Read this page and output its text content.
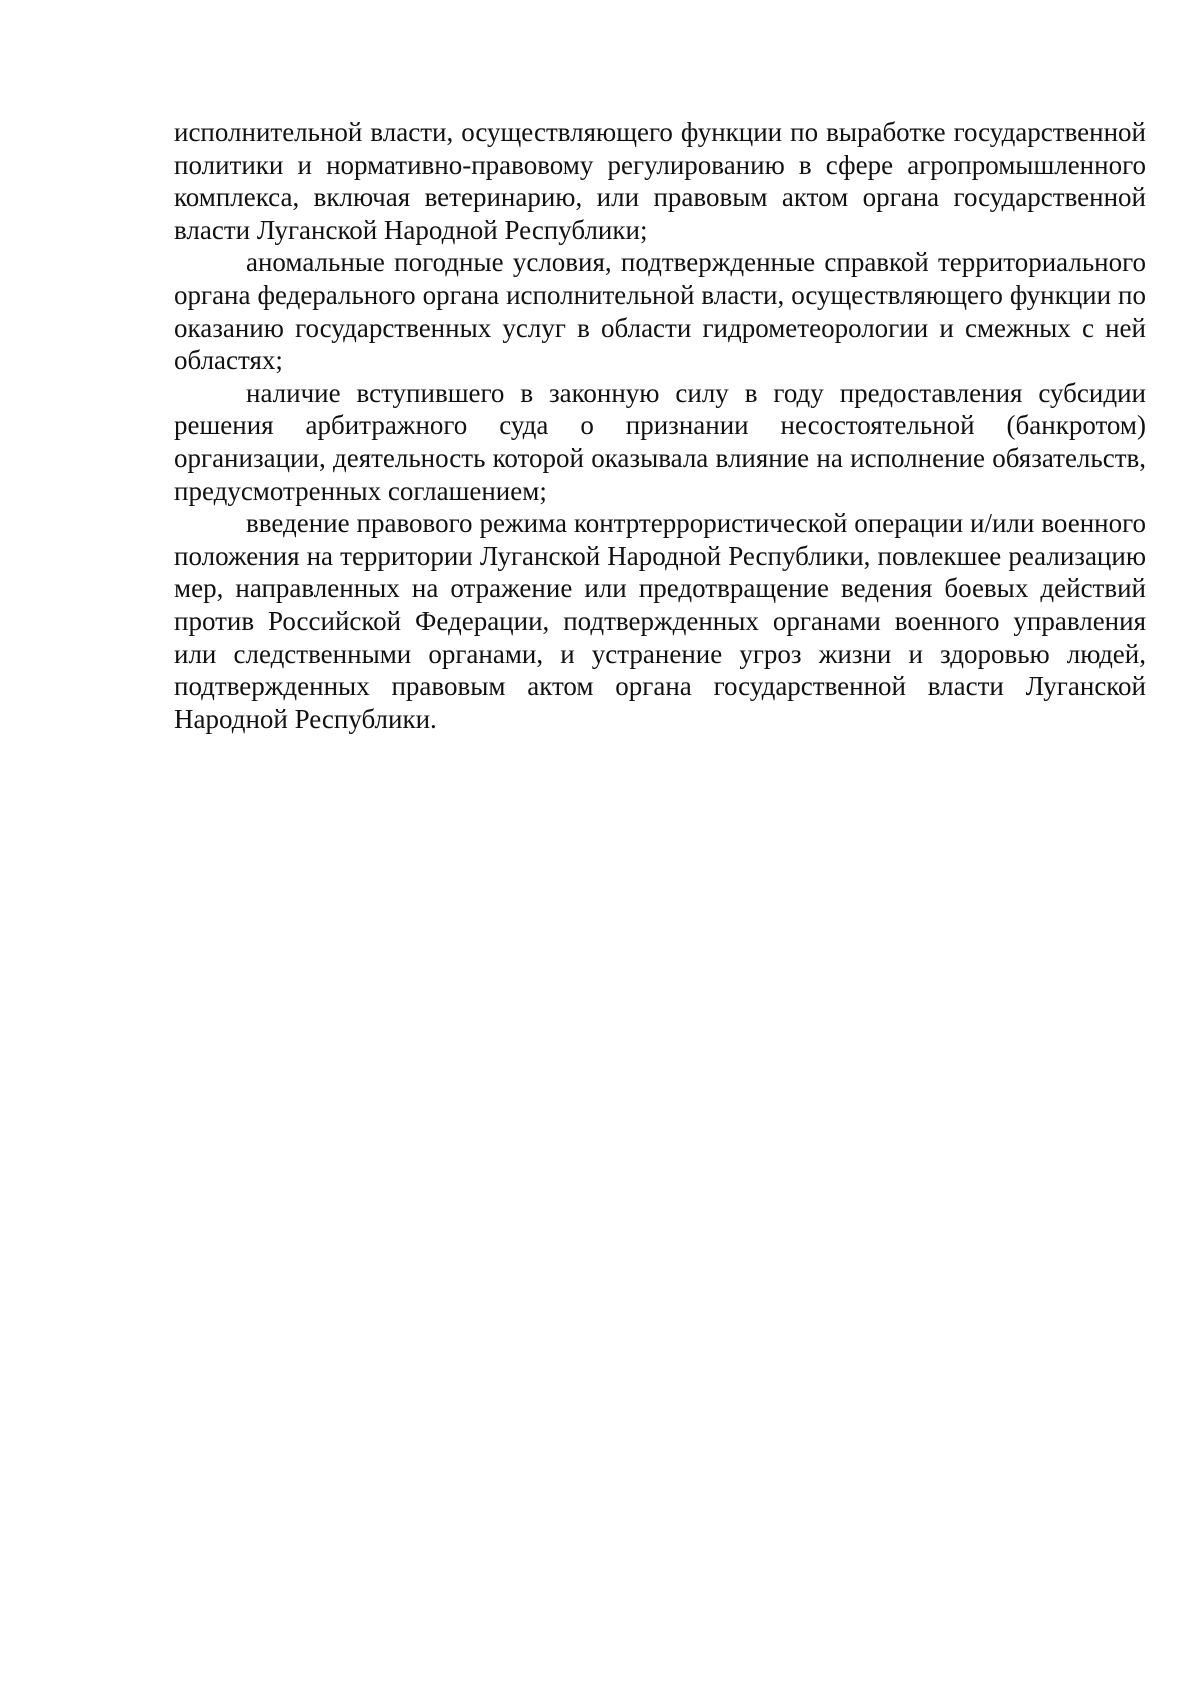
исполнительной власти, осуществляющего функции по выработке государственной политики и нормативно-правовому регулированию в сфере агропромышленного комплекса, включая ветеринарию, или правовым актом органа государственной власти Луганской Народной Республики;

аномальные погодные условия, подтвержденные справкой территориального органа федерального органа исполнительной власти, осуществляющего функции по оказанию государственных услуг в области гидрометеорологии и смежных с ней областях;

наличие вступившего в законную силу в году предоставления субсидии решения арбитражного суда о признании несостоятельной (банкротом) организации, деятельность которой оказывала влияние на исполнение обязательств, предусмотренных соглашением;

введение правового режима контртеррористической операции и/или военного положения на территории Луганской Народной Республики, повлекшее реализацию мер, направленных на отражение или предотвращение ведения боевых действий против Российской Федерации, подтвержденных органами военного управления или следственными органами, и устранение угроз жизни и здоровью людей, подтвержденных правовым актом органа государственной власти Луганской Народной Республики.
